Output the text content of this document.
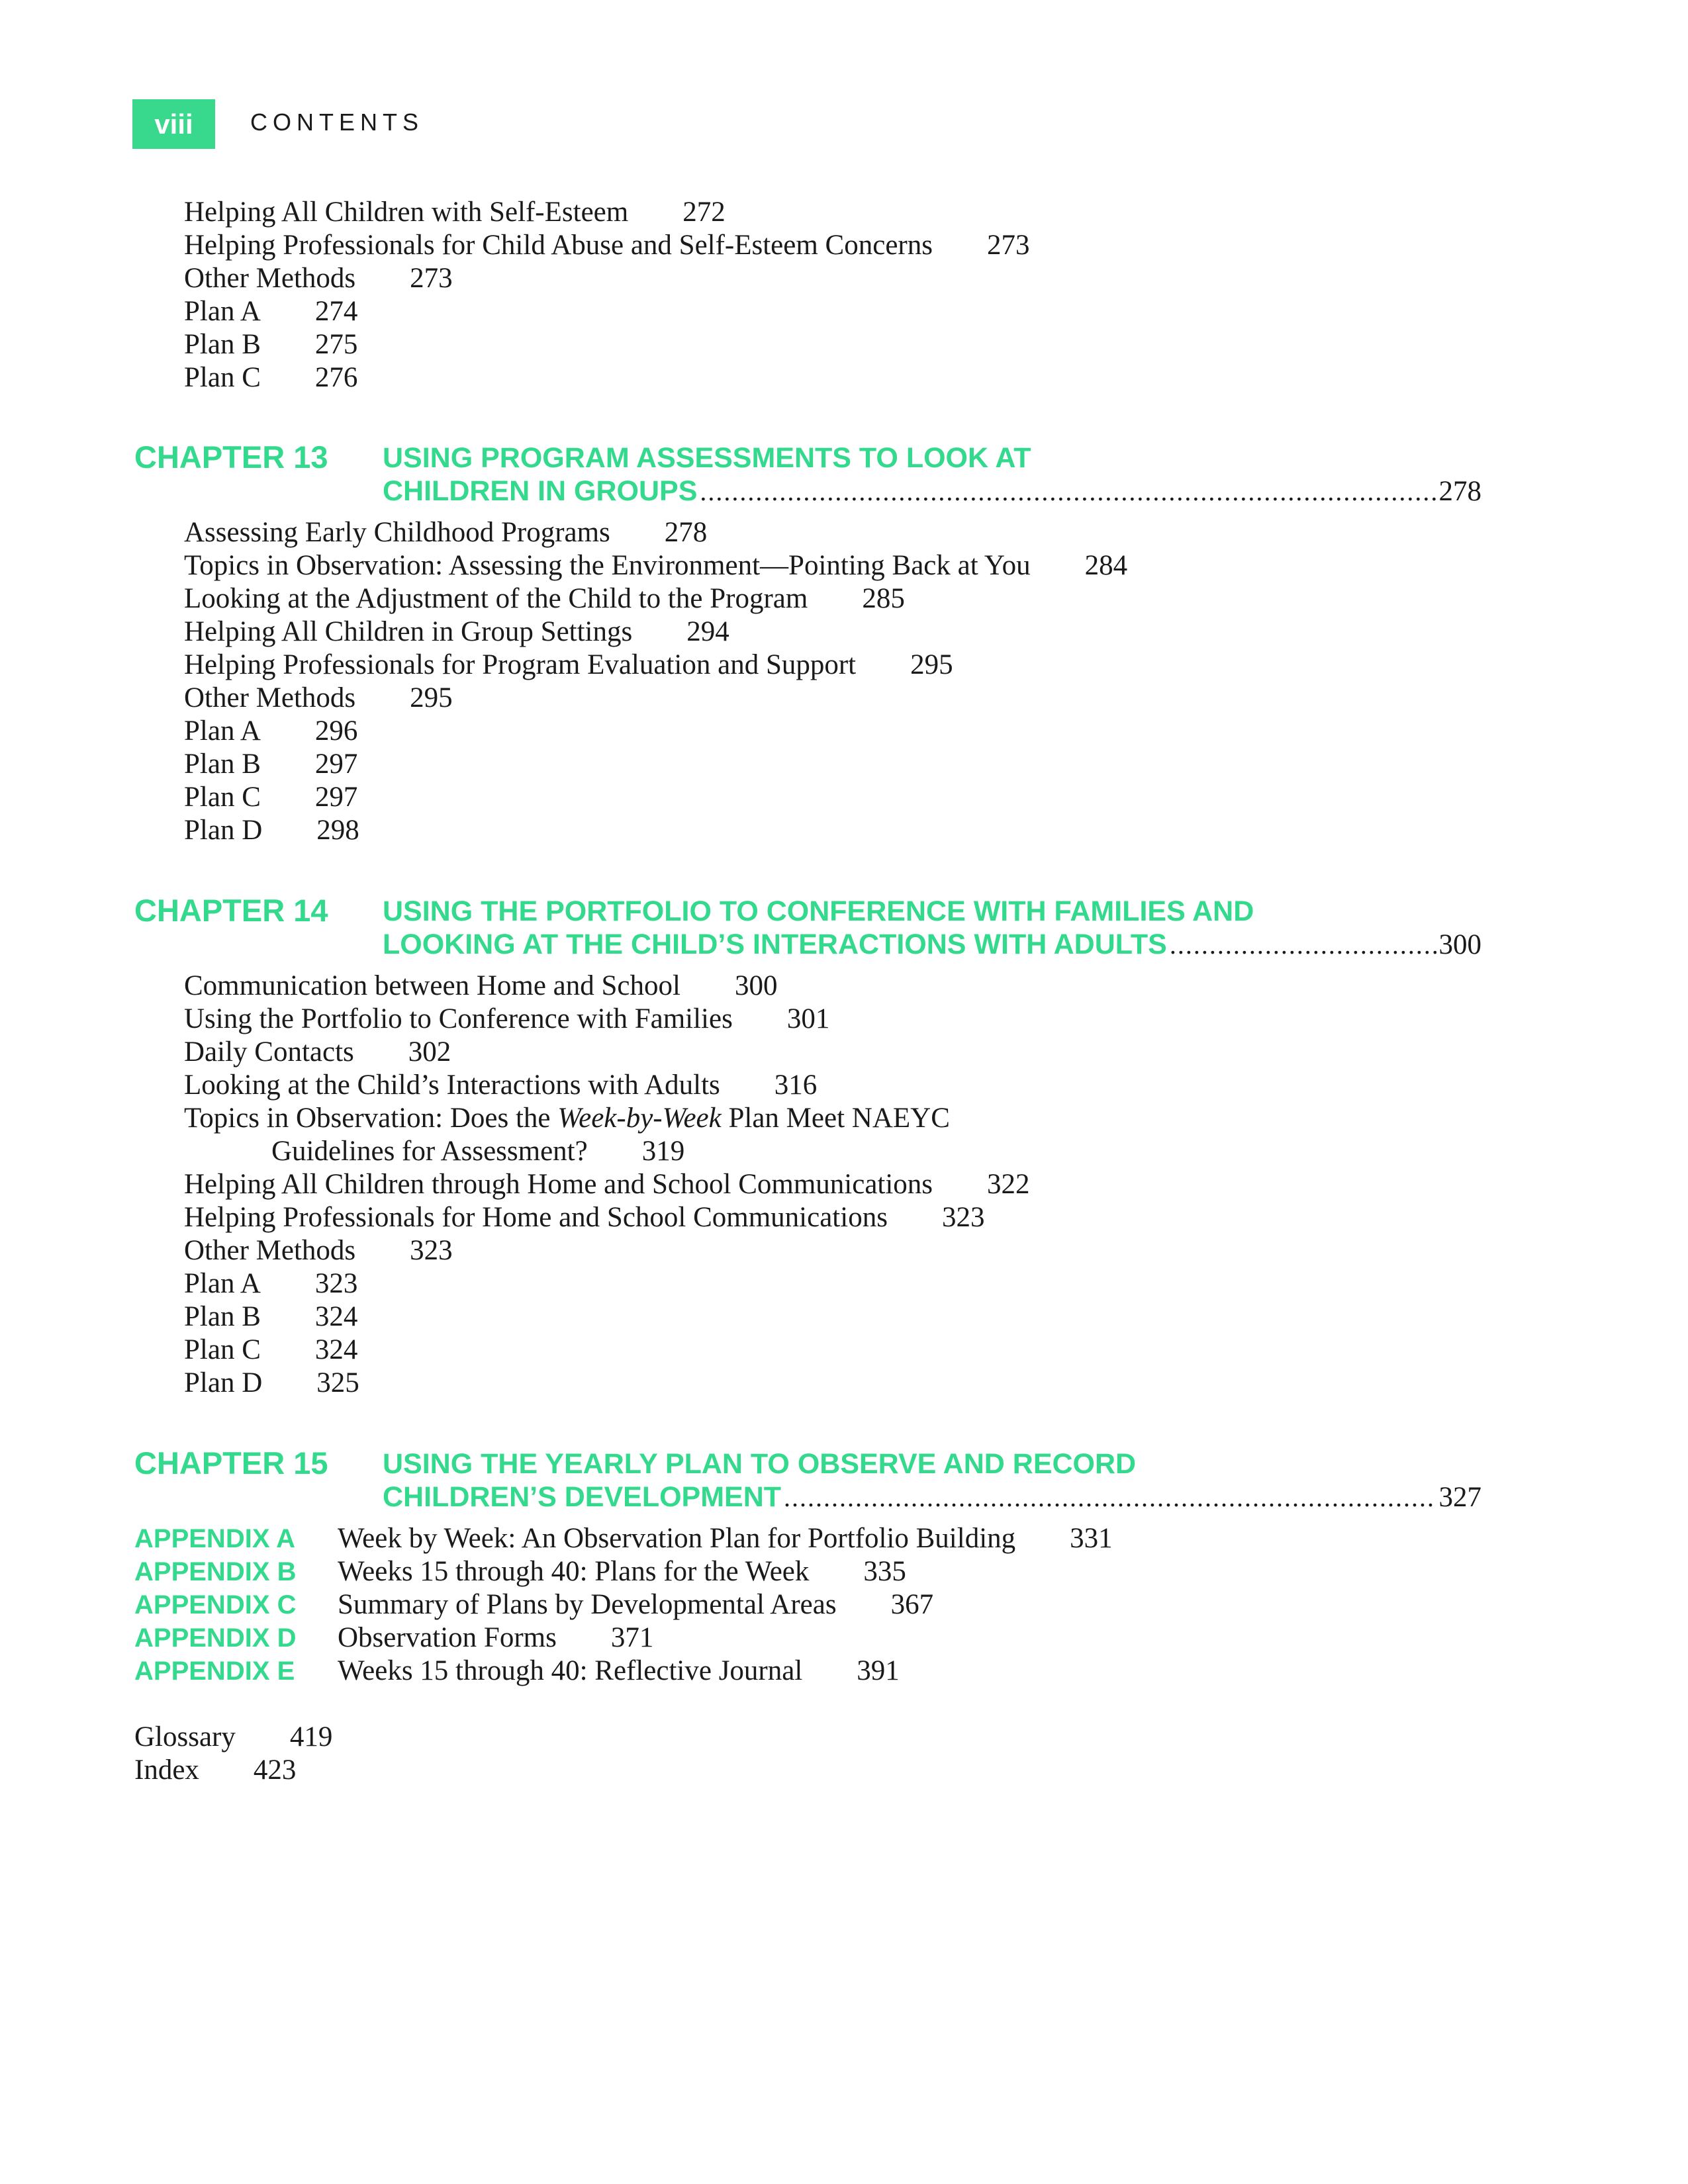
viii	CONTENTS
Helping All Children with Self-Esteem 272
Helping Professionals for Child Abuse and Self-Esteem Concerns 273
Other Methods 273
Plan A 274
Plan B 275
Plan C 276
CHAPTER 13 USING PROGRAM ASSESSMENTS TO LOOK AT
CHILDREN IN GROUPS .....	278
Assessing Early Childhood Programs 278
Topics in Observation: Assessing the Environment—Pointing Back at You 284
Looking at the Adjustment of the Child to the Program 285
Helping All Children in Group Settings 294
Helping Professionals for Program Evaluation and Support 295
Other Methods 295
Plan A 296
Plan B 297
Plan C 297
Plan D 298
CHAPTER 14 USING THE PORTFOLIO TO CONFERENCE WITH FAMILIES AND
LOOKING AT THE CHILD’S INTERACTIONS WITH ADULTS .....	300
Communication between Home and School 300
Using the Portfolio to Conference with Families 301
Daily Contacts 302
Looking at the Child’s Interactions with Adults 316
Topics in Observation: Does the Week-by-Week Plan Meet NAEYC
Guidelines for Assessment? 319
Helping All Children through Home and School Communications 322
Helping Professionals for Home and School Communications 323
Other Methods 323
Plan A 323
Plan B 324
Plan C 324
Plan D 325
CHAPTER 15 USING THE YEARLY PLAN TO OBSERVE AND RECORD
CHILDREN’S DEVELOPMENT .....	327
APPENDIX A Week by Week: An Observation Plan for Portfolio Building 331
APPENDIX B Weeks 15 through 40: Plans for the Week 335
APPENDIX C Summary of Plans by Developmental Areas 367
APPENDIX D Observation Forms 371
APPENDIX E Weeks 15 through 40: Reflective Journal 391
Glossary 419
Index 423
